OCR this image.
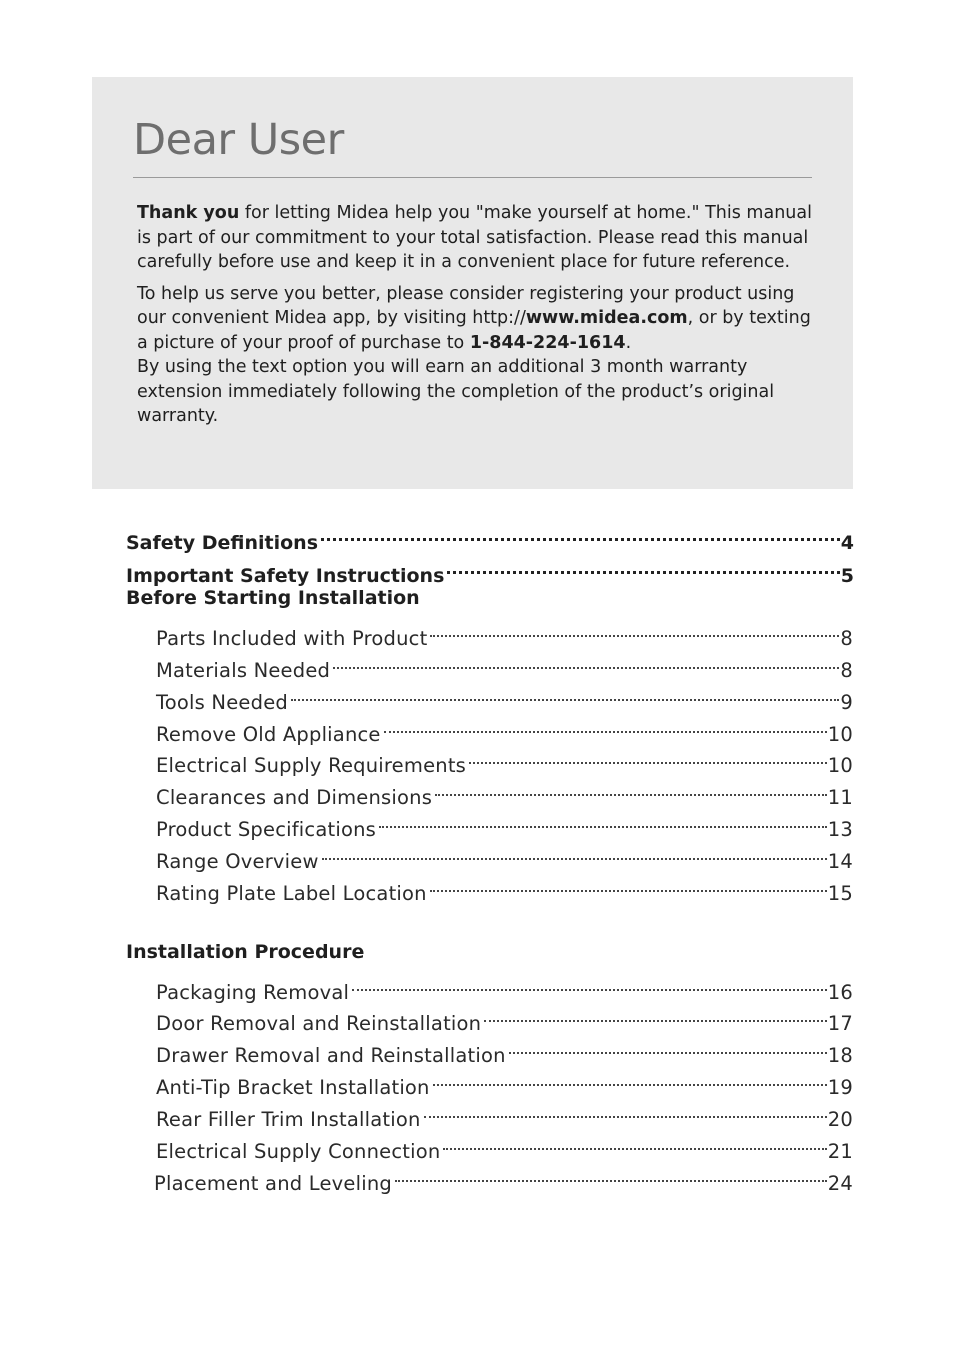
Dear User

Thank you for letting Midea help you "make yourself at home." This manual is part of our commitment to your total satisfaction. Please read this manual carefully before use and keep it in a convenient place for future reference.

To help us serve you better, please consider registering your product using our convenient Midea app, by visiting http://www.midea.com, or by texting a picture of your proof of purchase to 1-844-224-1614.

By using the text option you will earn an additional 3 month warranty extension immediately following the completion of the product’s original warranty.

Safety Definitions	4
Important Safety Instructions	5
Before Starting Installation
Parts Included with Product	8
Materials Needed	8
Tools Needed	9
Remove Old Appliance	10
Electrical Supply Requirements	10
Clearances and Dimensions	11
Product Specifications	13
Range Overview	14
Rating Plate Label Location	15
Installation Procedure
Packaging Removal	16
Door Removal and Reinstallation	17
Drawer Removal and Reinstallation	18
Anti-Tip Bracket Installation	19
Rear Filler Trim Installation	20
Electrical Supply Connection	21
Placement and Leveling	24
